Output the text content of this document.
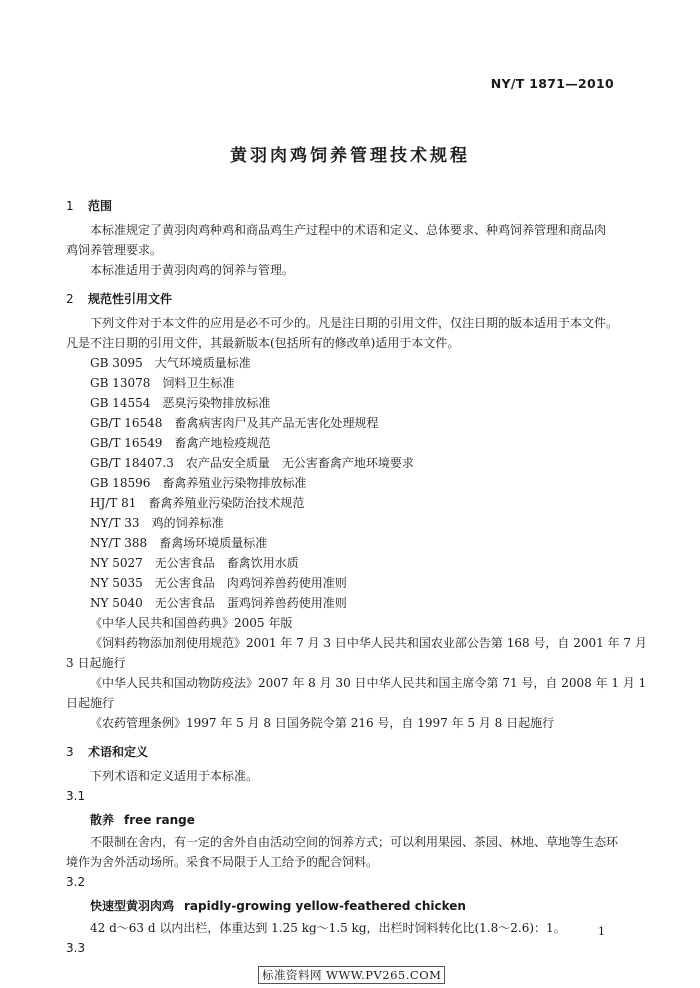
NY/T 1871—2010
黄羽肉鸡饲养管理技术规程
1 范围
本标准规定了黄羽肉鸡种鸡和商品鸡生产过程中的术语和定义、总体要求、种鸡饲养管理和商品肉
鸡饲养管理要求。
本标准适用于黄羽肉鸡的饲养与管理。
2 规范性引用文件
下列文件对于本文件的应用是必不可少的。凡是注日期的引用文件，仅注日期的版本适用于本文件。
凡是不注日期的引用文件，其最新版本(包括所有的修改单)适用于本文件。
GB 3095　 大气环境质量标准
GB 13078　 饲料卫生标准
GB 14554　 恶臭污染物排放标准
GB/T 16548　 畜禽病害肉尸及其产品无害化处理规程
GB/T 16549　 畜禽产地检疫规范
GB/T 18407.3　 农产品安全质量　无公害畜禽产地环境要求
GB 18596　 畜禽养殖业污染物排放标准
HJ/T 81　 畜禽养殖业污染防治技术规范
NY/T 33　 鸡的饲养标准
NY/T 388　 畜禽场环境质量标准
NY 5027　 无公害食品　畜禽饮用水质
NY 5035　 无公害食品　肉鸡饲养兽药使用准则
NY 5040　 无公害食品　蛋鸡饲养兽药使用准则
《中华人民共和国兽药典》2005 年版
《饲料药物添加剂使用规范》2001 年 7 月 3 日中华人民共和国农业部公告第 168 号，自 2001 年 7 月
3 日起施行
《中华人民共和国动物防疫法》2007 年 8 月 30 日中华人民共和国主席令第 71 号，自 2008 年 1 月 1
日起施行
《农药管理条例》1997 年 5 月 8 日国务院令第 216 号，自 1997 年 5 月 8 日起施行
3 术语和定义
下列术语和定义适用于本标准。
3.1
散养 free range
不限制在舍内，有一定的舍外自由活动空间的饲养方式；可以利用果园、茶园、林地、草地等生态环
境作为舍外活动场所。采食不局限于人工给予的配合饲料。
3.2
快速型黄羽肉鸡 rapidly-growing yellow-feathered chicken
42 d～63 d 以内出栏，体重达到 1.25 kg～1.5 kg，出栏时饲料转化比(1.8～2.6)：1。
3.3
1
标准资料网 WWW.PV265.COM
